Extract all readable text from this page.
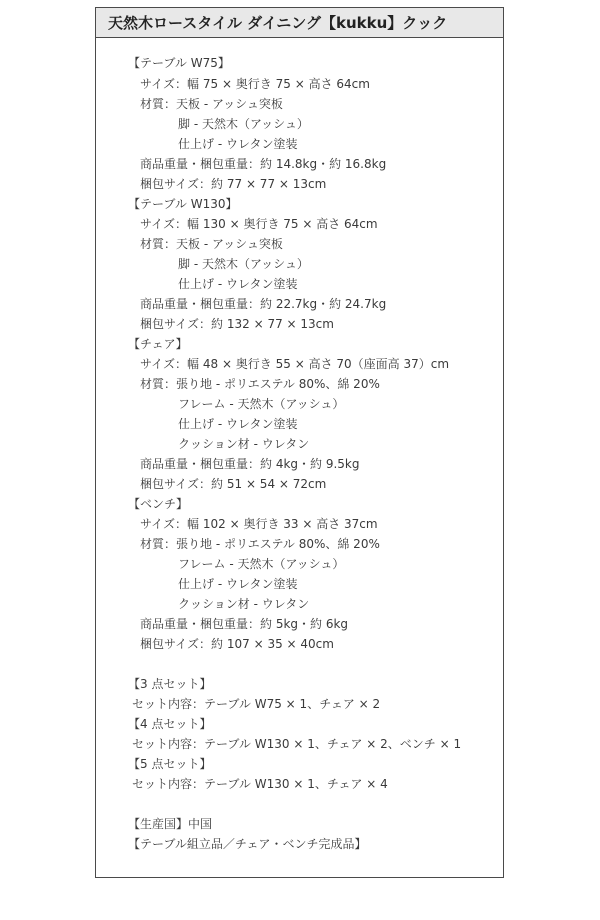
天然木ロースタイル ダイニング【kukku】クック
【テーブル W75】
サイズ：幅 75 × 奥行き 75 × 高さ 64cm
材質：天板 - アッシュ突板
脚 - 天然木（アッシュ）
仕上げ - ウレタン塗装
商品重量・梱包重量：約 14.8kg・約 16.8kg
梱包サイズ：約 77 × 77 × 13cm
【テーブル W130】
サイズ：幅 130 × 奥行き 75 × 高さ 64cm
材質：天板 - アッシュ突板
脚 - 天然木（アッシュ）
仕上げ - ウレタン塗装
商品重量・梱包重量：約 22.7kg・約 24.7kg
梱包サイズ：約 132 × 77 × 13cm
【チェア】
サイズ：幅 48 × 奥行き 55 × 高さ 70（座面高 37）cm
材質：張り地 - ポリエステル 80%、綿 20%
フレーム - 天然木（アッシュ）
仕上げ - ウレタン塗装
クッション材 - ウレタン
商品重量・梱包重量：約 4kg・約 9.5kg
梱包サイズ：約 51 × 54 × 72cm
【ベンチ】
サイズ：幅 102 × 奥行き 33 × 高さ 37cm
材質：張り地 - ポリエステル 80%、綿 20%
フレーム - 天然木（アッシュ）
仕上げ - ウレタン塗装
クッション材 - ウレタン
商品重量・梱包重量：約 5kg・約 6kg
梱包サイズ：約 107 × 35 × 40cm
【3 点セット】
セット内容：テーブル W75 × 1、チェア × 2
【4 点セット】
セット内容：テーブル W130 × 1、チェア × 2、ベンチ × 1
【5 点セット】
セット内容：テーブル W130 × 1、チェア × 4
【生産国】中国
【テーブル組立品／チェア・ベンチ完成品】
